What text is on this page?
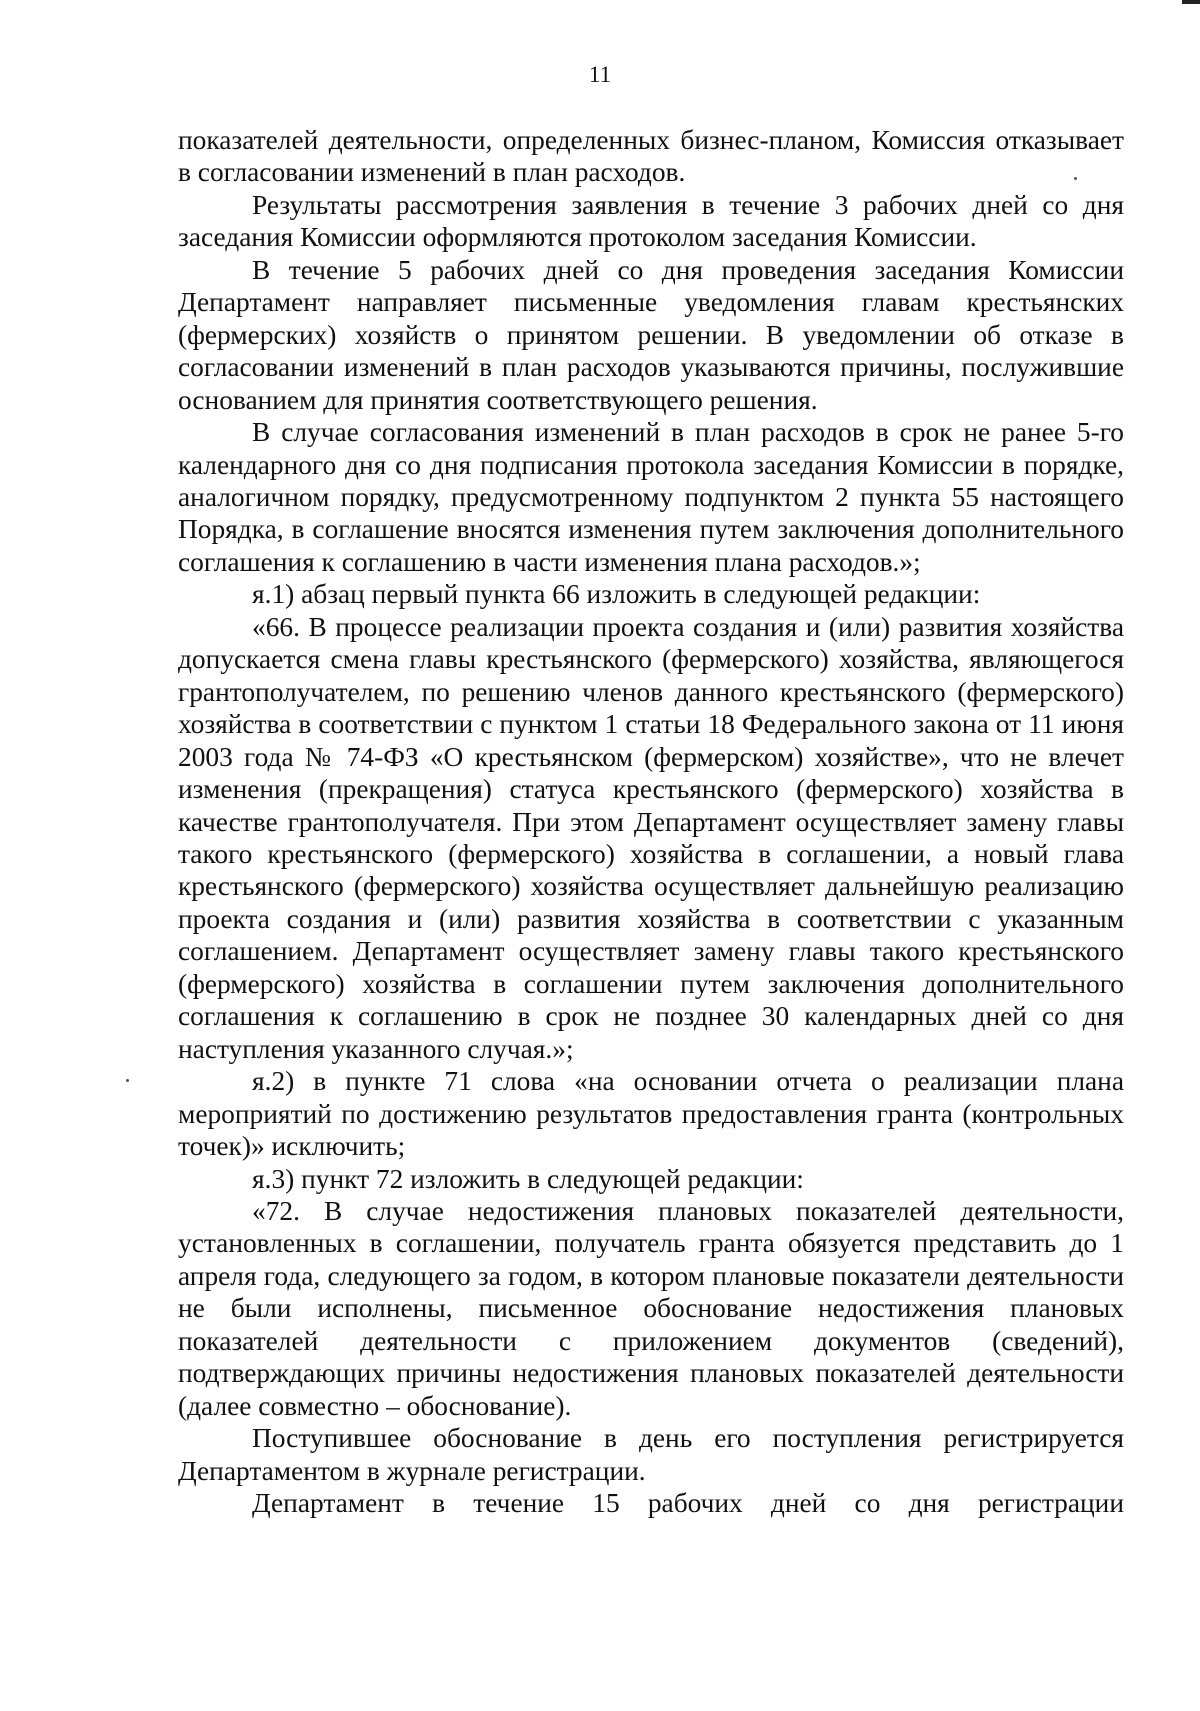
11

показателей деятельности, определенных бизнес-планом, Комиссия отказывает в согласовании изменений в план расходов.

Результаты рассмотрения заявления в течение 3 рабочих дней со дня заседания Комиссии оформляются протоколом заседания Комиссии.

В течение 5 рабочих дней со дня проведения заседания Комиссии Департамент направляет письменные уведомления главам крестьянских (фермерских) хозяйств о принятом решении. В уведомлении об отказе в согласовании изменений в план расходов указываются причины, послужившие основанием для принятия соответствующего решения.

В случае согласования изменений в план расходов в срок не ранее 5-го календарного дня со дня подписания протокола заседания Комиссии в порядке, аналогичном порядку, предусмотренному подпунктом 2 пункта 55 настоящего Порядка, в соглашение вносятся изменения путем заключения дополнительного соглашения к соглашению в части изменения плана расходов.»;

я.1) абзац первый пункта 66 изложить в следующей редакции:

«66. В процессе реализации проекта создания и (или) развития хозяйства допускается смена главы крестьянского (фермерского) хозяйства, являющегося грантополучателем, по решению членов данного крестьянского (фермерского) хозяйства в соответствии с пунктом 1 статьи 18 Федерального закона от 11 июня 2003 года № 74-ФЗ «О крестьянском (фермерском) хозяйстве», что не влечет изменения (прекращения) статуса крестьянского (фермерского) хозяйства в качестве грантополучателя. При этом Департамент осуществляет замену главы такого крестьянского (фермерского) хозяйства в соглашении, а новый глава крестьянского (фермерского) хозяйства осуществляет дальнейшую реализацию проекта создания и (или) развития хозяйства в соответствии с указанным соглашением. Департамент осуществляет замену главы такого крестьянского (фермерского) хозяйства в соглашении путем заключения дополнительного соглашения к соглашению в срок не позднее 30 календарных дней со дня наступления указанного случая.»;

я.2) в пункте 71 слова «на основании отчета о реализации плана мероприятий по достижению результатов предоставления гранта (контрольных точек)» исключить;

я.3) пункт 72 изложить в следующей редакции:

«72. В случае недостижения плановых показателей деятельности, установленных в соглашении, получатель гранта обязуется представить до 1 апреля года, следующего за годом, в котором плановые показатели деятельности не были исполнены, письменное обоснование недостижения плановых показателей деятельности с приложением документов (сведений), подтверждающих причины недостижения плановых показателей деятельности (далее совместно – обоснование).

Поступившее обоснование в день его поступления регистрируется Департаментом в журнале регистрации.

Департамент в течение 15 рабочих дней со дня регистрации
